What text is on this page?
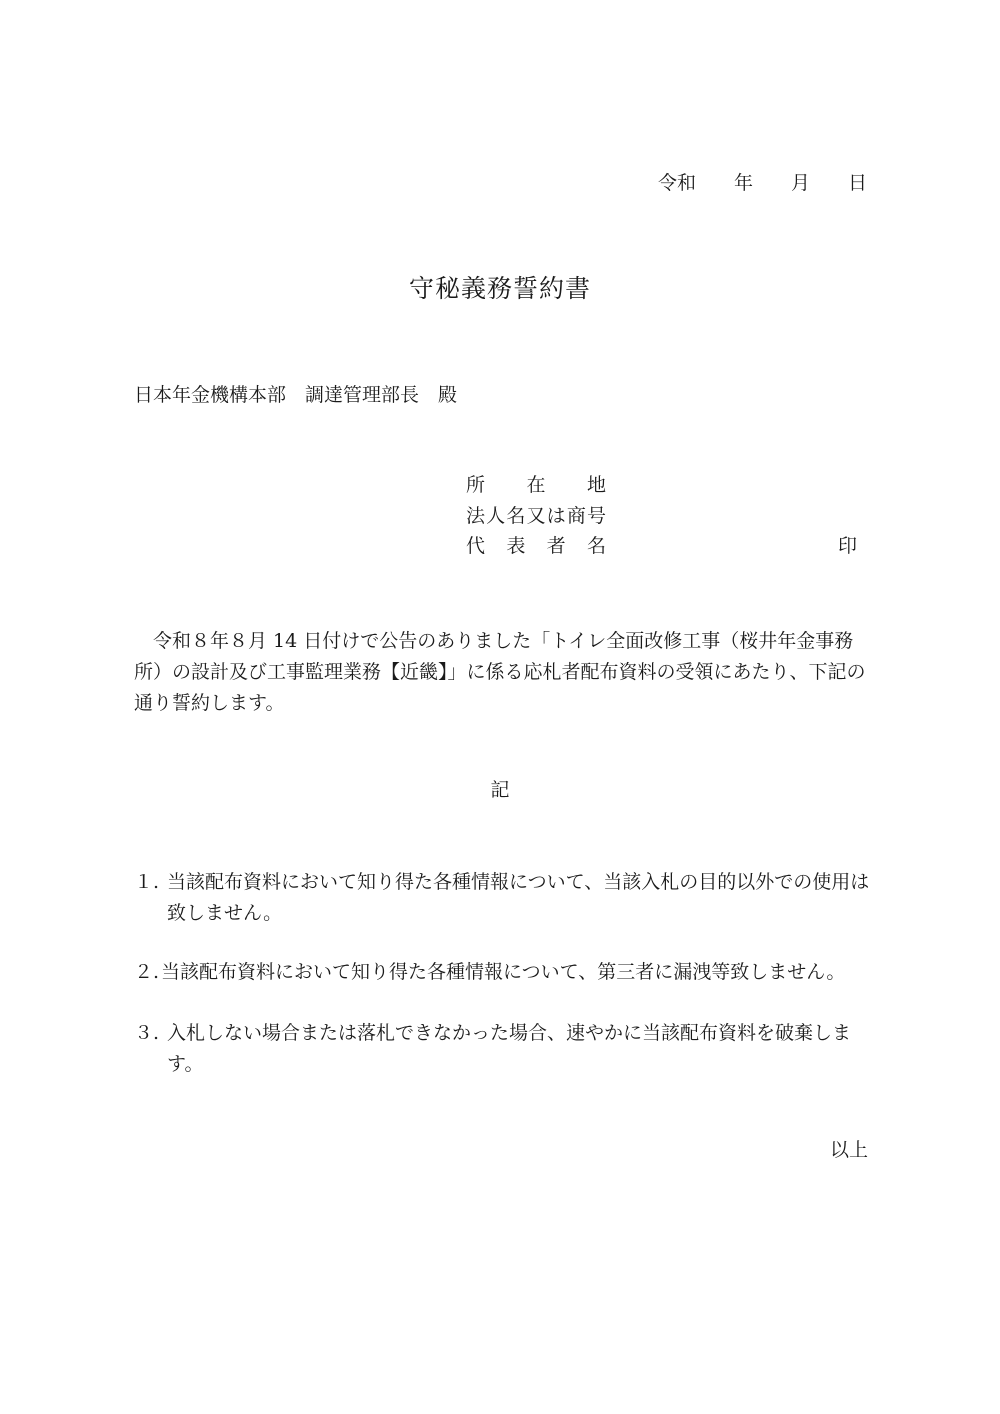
令和 年 月 日
守秘義務誓約書
日本年金機構本部 調達管理部長 殿
所在地
法人名又は商号
代表者名	印
令和８年８月 14 日付けで公告のありました「トイレ全面改修工事（桜井年金事務所）の設計及び工事監理業務【近畿】」に係る応札者配布資料の受領にあたり、下記の通り誓約します。
記
１. 当該配布資料において知り得た各種情報について、当該入札の目的以外での使用は致しません。
２. 当該配布資料において知り得た各種情報について、第三者に漏洩等致しません。
３. 入札しない場合または落札できなかった場合、速やかに当該配布資料を破棄します。
以上
